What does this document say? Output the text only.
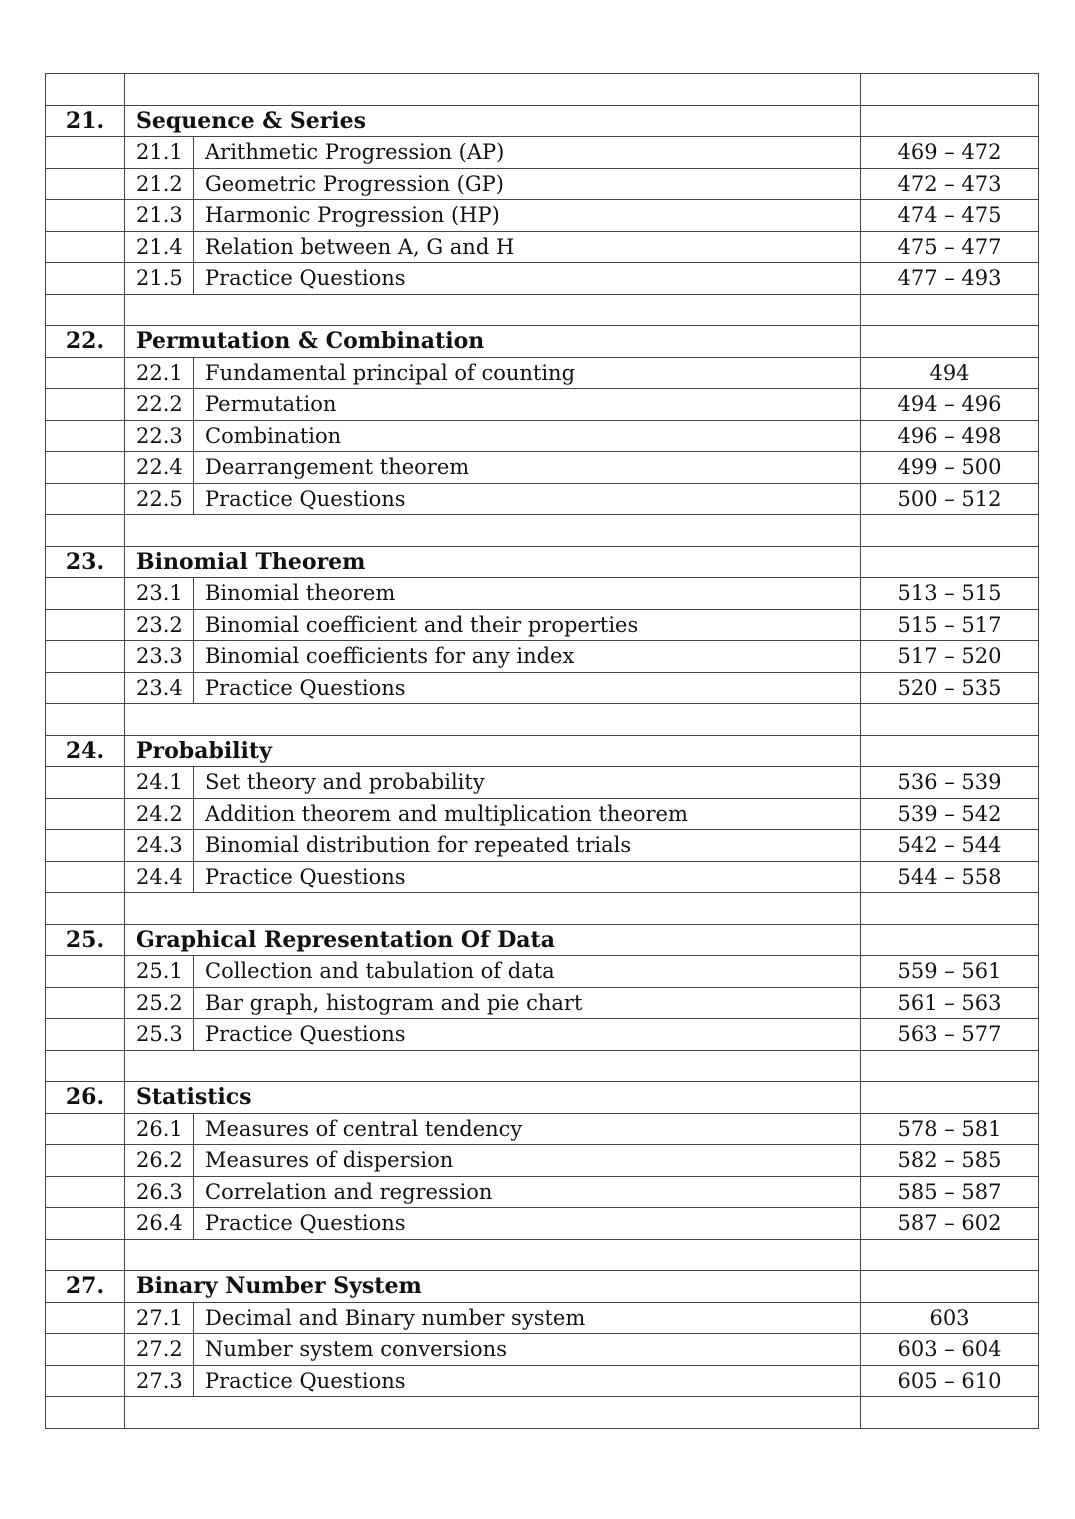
21.	Sequence & Series		
	21.1	Arithmetic Progression (AP)	469 – 472
	21.2	Geometric Progression (GP)	472 – 473
	21.3	Harmonic Progression (HP)	474 – 475
	21.4	Relation between A, G and H	475 – 477
	21.5	Practice Questions	477 – 493

22.	Permutation & Combination		
	22.1	Fundamental principal of counting	494
	22.2	Permutation	494 – 496
	22.3	Combination	496 – 498
	22.4	Dearrangement theorem	499 – 500
	22.5	Practice Questions	500 – 512

23.	Binomial Theorem		
	23.1	Binomial theorem	513 – 515
	23.2	Binomial coefficient and their properties	515 – 517
	23.3	Binomial coefficients for any index	517 – 520
	23.4	Practice Questions	520 – 535

24.	Probability		
	24.1	Set theory and probability	536 – 539
	24.2	Addition theorem and multiplication theorem	539 – 542
	24.3	Binomial distribution for repeated trials	542 – 544
	24.4	Practice Questions	544 – 558

25.	Graphical Representation Of Data		
	25.1	Collection and tabulation of data	559 – 561
	25.2	Bar graph, histogram and pie chart	561 – 563
	25.3	Practice Questions	563 – 577

26.	Statistics		
	26.1	Measures of central tendency	578 – 581
	26.2	Measures of dispersion	582 – 585
	26.3	Correlation and regression	585 – 587
	26.4	Practice Questions	587 – 602

27.	Binary Number System		
	27.1	Decimal and Binary number system	603
	27.2	Number system conversions	603 – 604
	27.3	Practice Questions	605 – 610
